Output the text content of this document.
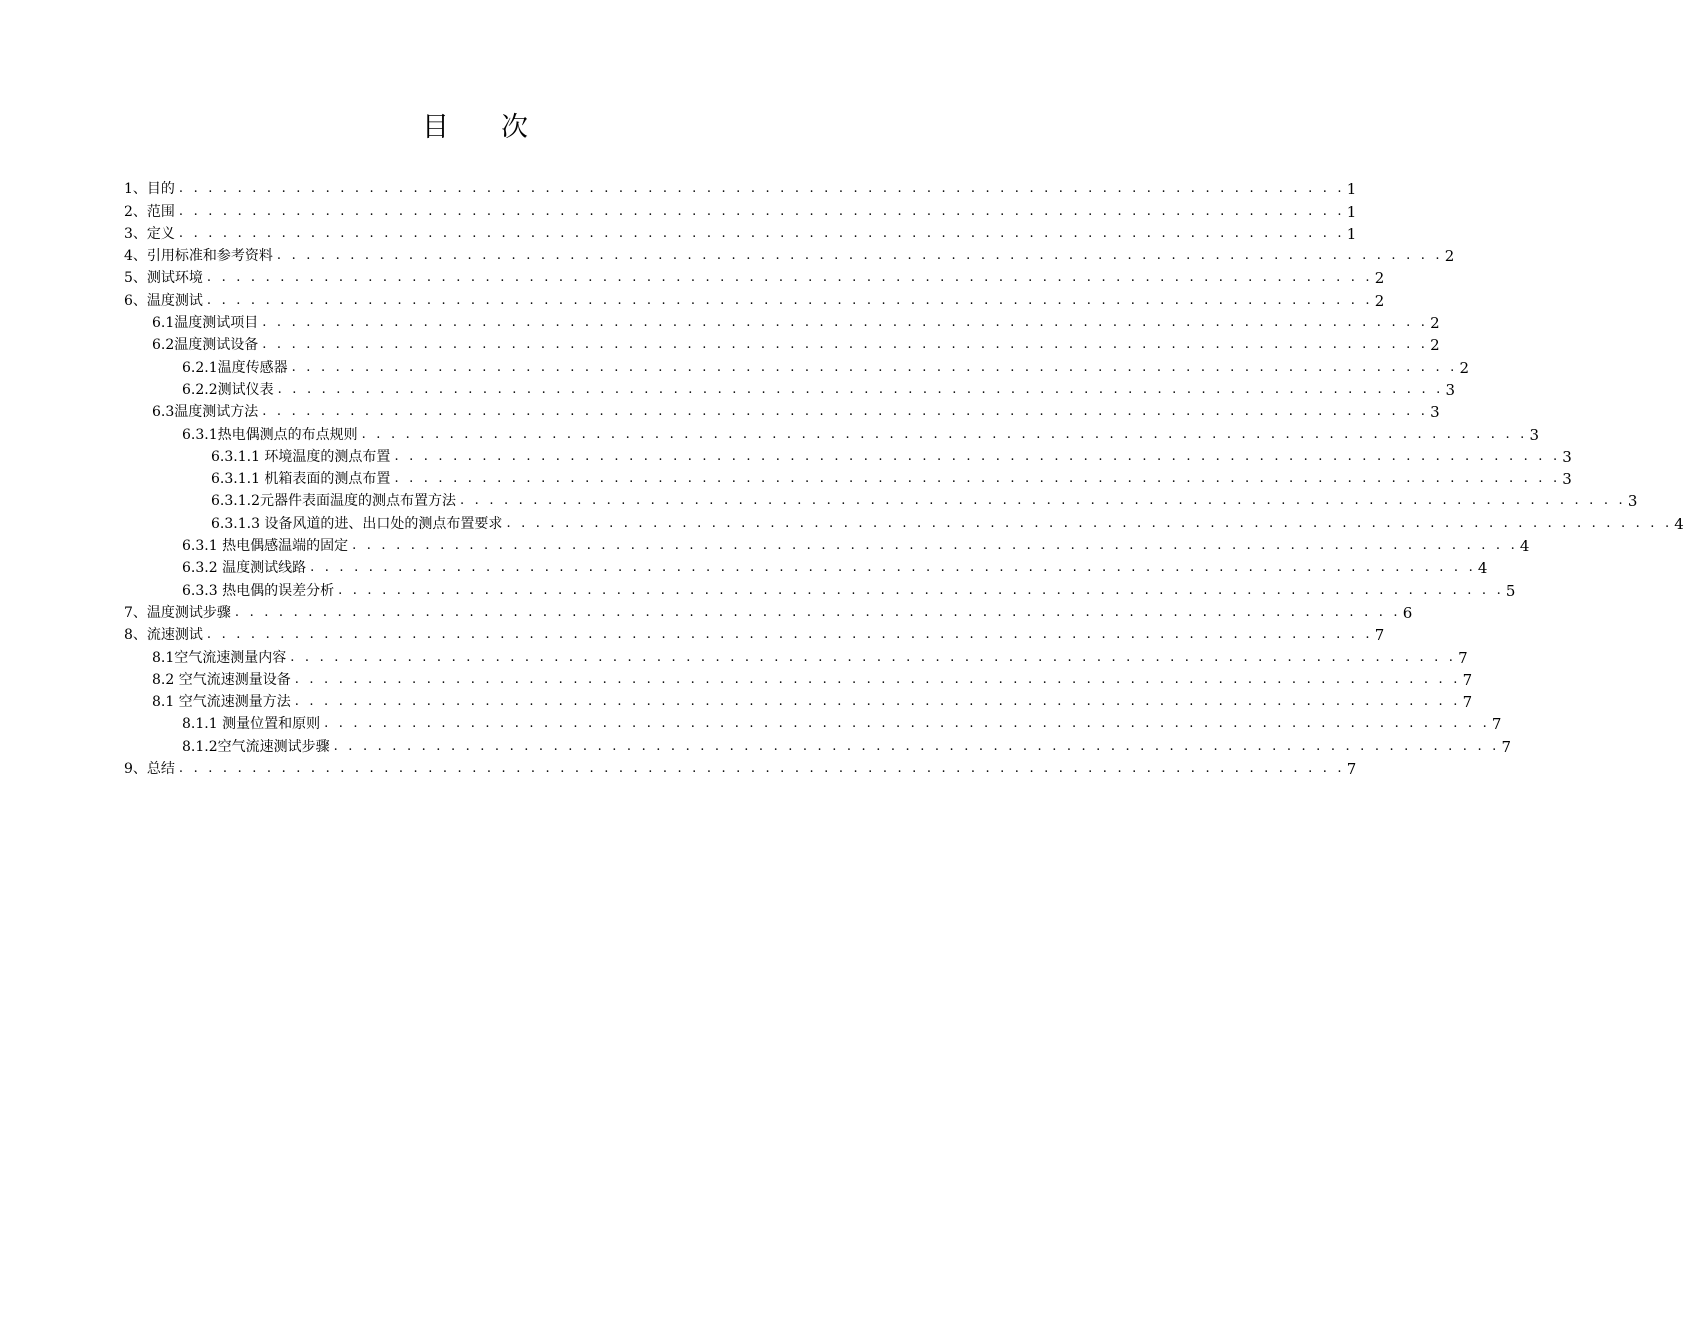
目 次
1、目的 . . . . . . . . . . . . . . . . . . . . . . . . . . . . . . . . . . . . . . . . . . . . . . . . . . . . . . . . . . . . . . . . . . . . . . . . . . . . . . . . 1
2、范围 . . . . . . . . . . . . . . . . . . . . . . . . . . . . . . . . . . . . . . . . . . . . . . . . . . . . . . . . . . . . . . . . . . . . . . . . . . . . . . . . 1
3、定义 . . . . . . . . . . . . . . . . . . . . . . . . . . . . . . . . . . . . . . . . . . . . . . . . . . . . . . . . . . . . . . . . . . . . . . . . . . . . . . . . 1
4、引用标准和参考资料 . . . . . . . . . . . . . . . . . . . . . . . . . . . . . . . . . . . . . . . . . . . . . . . . . . . . . . . . . . . . . . . . . . . . . . . . . . . . . . . . 2
5、测试环境 . . . . . . . . . . . . . . . . . . . . . . . . . . . . . . . . . . . . . . . . . . . . . . . . . . . . . . . . . . . . . . . . . . . . . . . . . . . . . . . . 2
6、温度测试 . . . . . . . . . . . . . . . . . . . . . . . . . . . . . . . . . . . . . . . . . . . . . . . . . . . . . . . . . . . . . . . . . . . . . . . . . . . . . . . . 2
6.1温度测试项目 . . . . . . . . . . . . . . . . . . . . . . . . . . . . . . . . . . . . . . . . . . . . . . . . . . . . . . . . . . . . . . . . . . . . . . . . . . . . . . . . 2
6.2温度测试设备 . . . . . . . . . . . . . . . . . . . . . . . . . . . . . . . . . . . . . . . . . . . . . . . . . . . . . . . . . . . . . . . . . . . . . . . . . . . . . . . . 2
6.2.1温度传感器 . . . . . . . . . . . . . . . . . . . . . . . . . . . . . . . . . . . . . . . . . . . . . . . . . . . . . . . . . . . . . . . . . . . . . . . . . . . . . . . . 2
6.2.2测试仪表 . . . . . . . . . . . . . . . . . . . . . . . . . . . . . . . . . . . . . . . . . . . . . . . . . . . . . . . . . . . . . . . . . . . . . . . . . . . . . . . . 3
6.3温度测试方法 . . . . . . . . . . . . . . . . . . . . . . . . . . . . . . . . . . . . . . . . . . . . . . . . . . . . . . . . . . . . . . . . . . . . . . . . . . . . . . . . 3
6.3.1热电偶测点的布点规则 . . . . . . . . . . . . . . . . . . . . . . . . . . . . . . . . . . . . . . . . . . . . . . . . . . . . . . . . . . . . . . . . . . . . . . . . . . . . . . . . 3
6.3.1.1 环境温度的测点布置 . . . . . . . . . . . . . . . . . . . . . . . . . . . . . . . . . . . . . . . . . . . . . . . . . . . . . . . . . . . . . . . . . . . . . . . . . . . . . . . . 3
6.3.1.1 机箱表面的测点布置 . . . . . . . . . . . . . . . . . . . . . . . . . . . . . . . . . . . . . . . . . . . . . . . . . . . . . . . . . . . . . . . . . . . . . . . . . . . . . . . . 3
6.3.1.2元器件表面温度的测点布置方法 . . . . . . . . . . . . . . . . . . . . . . . . . . . . . . . . . . . . . . . . . . . . . . . . . . . . . . . . . . . . . . . . . . . . . . . . . . . . . . . . 3
6.3.1.3 设备风道的进、出口处的测点布置要求 . . . . . . . . . . . . . . . . . . . . . . . . . . . . . . . . . . . . . . . . . . . . . . . . . . . . . . . . . . . . . . . . . . . . . . . . . . . . . . . . 4
6.3.1 热电偶感温端的固定 . . . . . . . . . . . . . . . . . . . . . . . . . . . . . . . . . . . . . . . . . . . . . . . . . . . . . . . . . . . . . . . . . . . . . . . . . . . . . . . . 4
6.3.2 温度测试线路 . . . . . . . . . . . . . . . . . . . . . . . . . . . . . . . . . . . . . . . . . . . . . . . . . . . . . . . . . . . . . . . . . . . . . . . . . . . . . . . . 4
6.3.3 热电偶的误差分析 . . . . . . . . . . . . . . . . . . . . . . . . . . . . . . . . . . . . . . . . . . . . . . . . . . . . . . . . . . . . . . . . . . . . . . . . . . . . . . . . 5
7、温度测试步骤 . . . . . . . . . . . . . . . . . . . . . . . . . . . . . . . . . . . . . . . . . . . . . . . . . . . . . . . . . . . . . . . . . . . . . . . . . . . . . . . . 6
8、流速测试 . . . . . . . . . . . . . . . . . . . . . . . . . . . . . . . . . . . . . . . . . . . . . . . . . . . . . . . . . . . . . . . . . . . . . . . . . . . . . . . . 7
8.1空气流速测量内容 . . . . . . . . . . . . . . . . . . . . . . . . . . . . . . . . . . . . . . . . . . . . . . . . . . . . . . . . . . . . . . . . . . . . . . . . . . . . . . . . 7
8.2 空气流速测量设备 . . . . . . . . . . . . . . . . . . . . . . . . . . . . . . . . . . . . . . . . . . . . . . . . . . . . . . . . . . . . . . . . . . . . . . . . . . . . . . . . 7
8.1 空气流速测量方法 . . . . . . . . . . . . . . . . . . . . . . . . . . . . . . . . . . . . . . . . . . . . . . . . . . . . . . . . . . . . . . . . . . . . . . . . . . . . . . . . 7
8.1.1 测量位置和原则 . . . . . . . . . . . . . . . . . . . . . . . . . . . . . . . . . . . . . . . . . . . . . . . . . . . . . . . . . . . . . . . . . . . . . . . . . . . . . . . . 7
8.1.2空气流速测试步骤 . . . . . . . . . . . . . . . . . . . . . . . . . . . . . . . . . . . . . . . . . . . . . . . . . . . . . . . . . . . . . . . . . . . . . . . . . . . . . . . . 7
9、总结 . . . . . . . . . . . . . . . . . . . . . . . . . . . . . . . . . . . . . . . . . . . . . . . . . . . . . . . . . . . . . . . . . . . . . . . . . . . . . . . . 7
